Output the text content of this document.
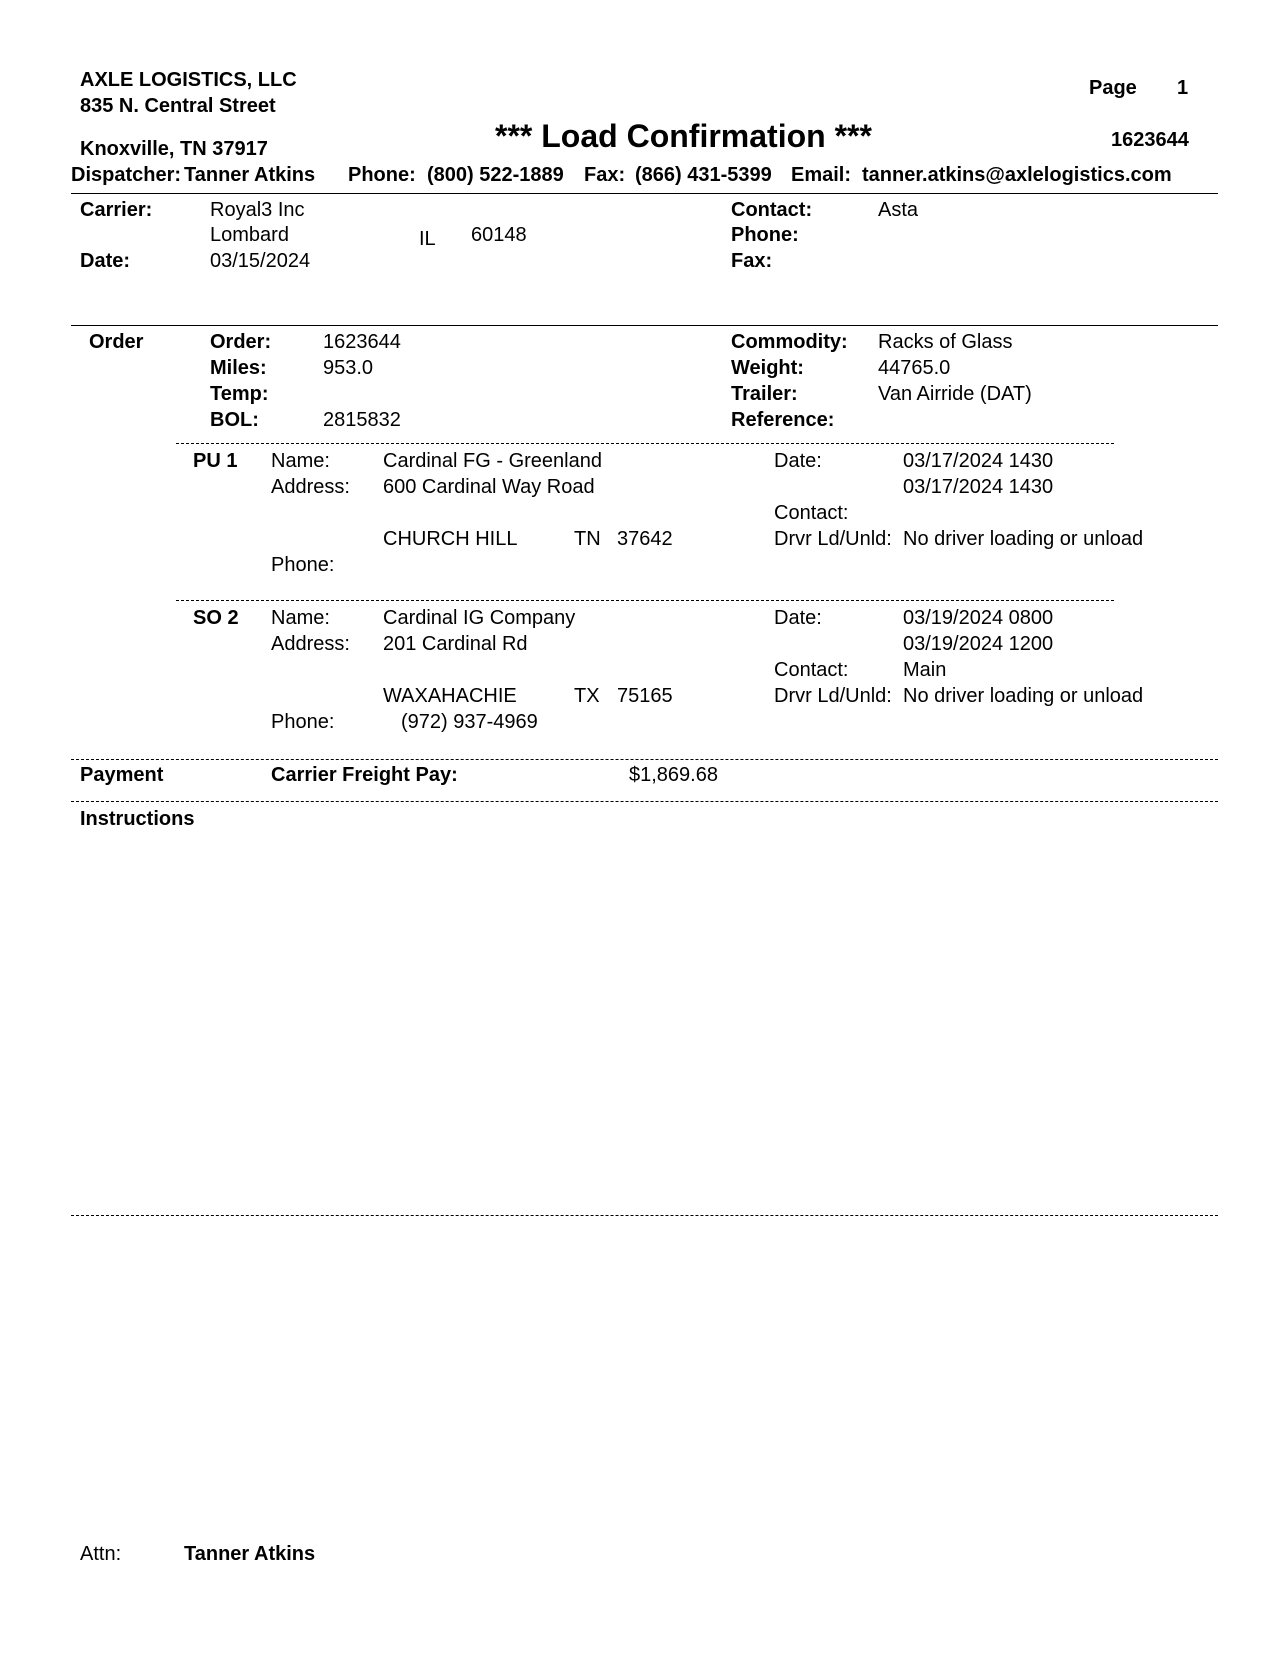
AXLE LOGISTICS, LLC
835 N. Central Street
Knoxville, TN 37917
Page 1
*** Load Confirmation ***	1623644
Dispatcher: Tanner Atkins Phone: (800) 522-1889 Fax: (866) 431-5399 Email: tanner.atkins@axlelogistics.com
Carrier:	Royal3 Inc
Lombard	IL 60148
Date:	03/15/2024
Contact:	Asta
Phone:
Fax:
Order	Order:	1623644
Miles:	953.0
Temp:
BOL:	2815832
Commodity: Racks of Glass
Weight:	44765.0
Trailer:	Van Airride (DAT)
Reference:
PU 1 Name:	Cardinal FG - Greenland
Address: 600 Cardinal Way Road
CHURCH HILL	TN 37642
Phone:
Date:	03/17/2024 1430
03/17/2024 1430
Contact:
Drvr Ld/Unld: No driver loading or unload
SO 2 Name:	Cardinal IG Company
Address: 201 Cardinal Rd
WAXAHACHIE	TX 75165
Phone:	(972) 937-4969
Date:	03/19/2024 0800
03/19/2024 1200
Contact:	Main
Drvr Ld/Unld: No driver loading or unload
Payment	Carrier Freight Pay:	$1,869.68
Instructions
Attn:	Tanner Atkins
